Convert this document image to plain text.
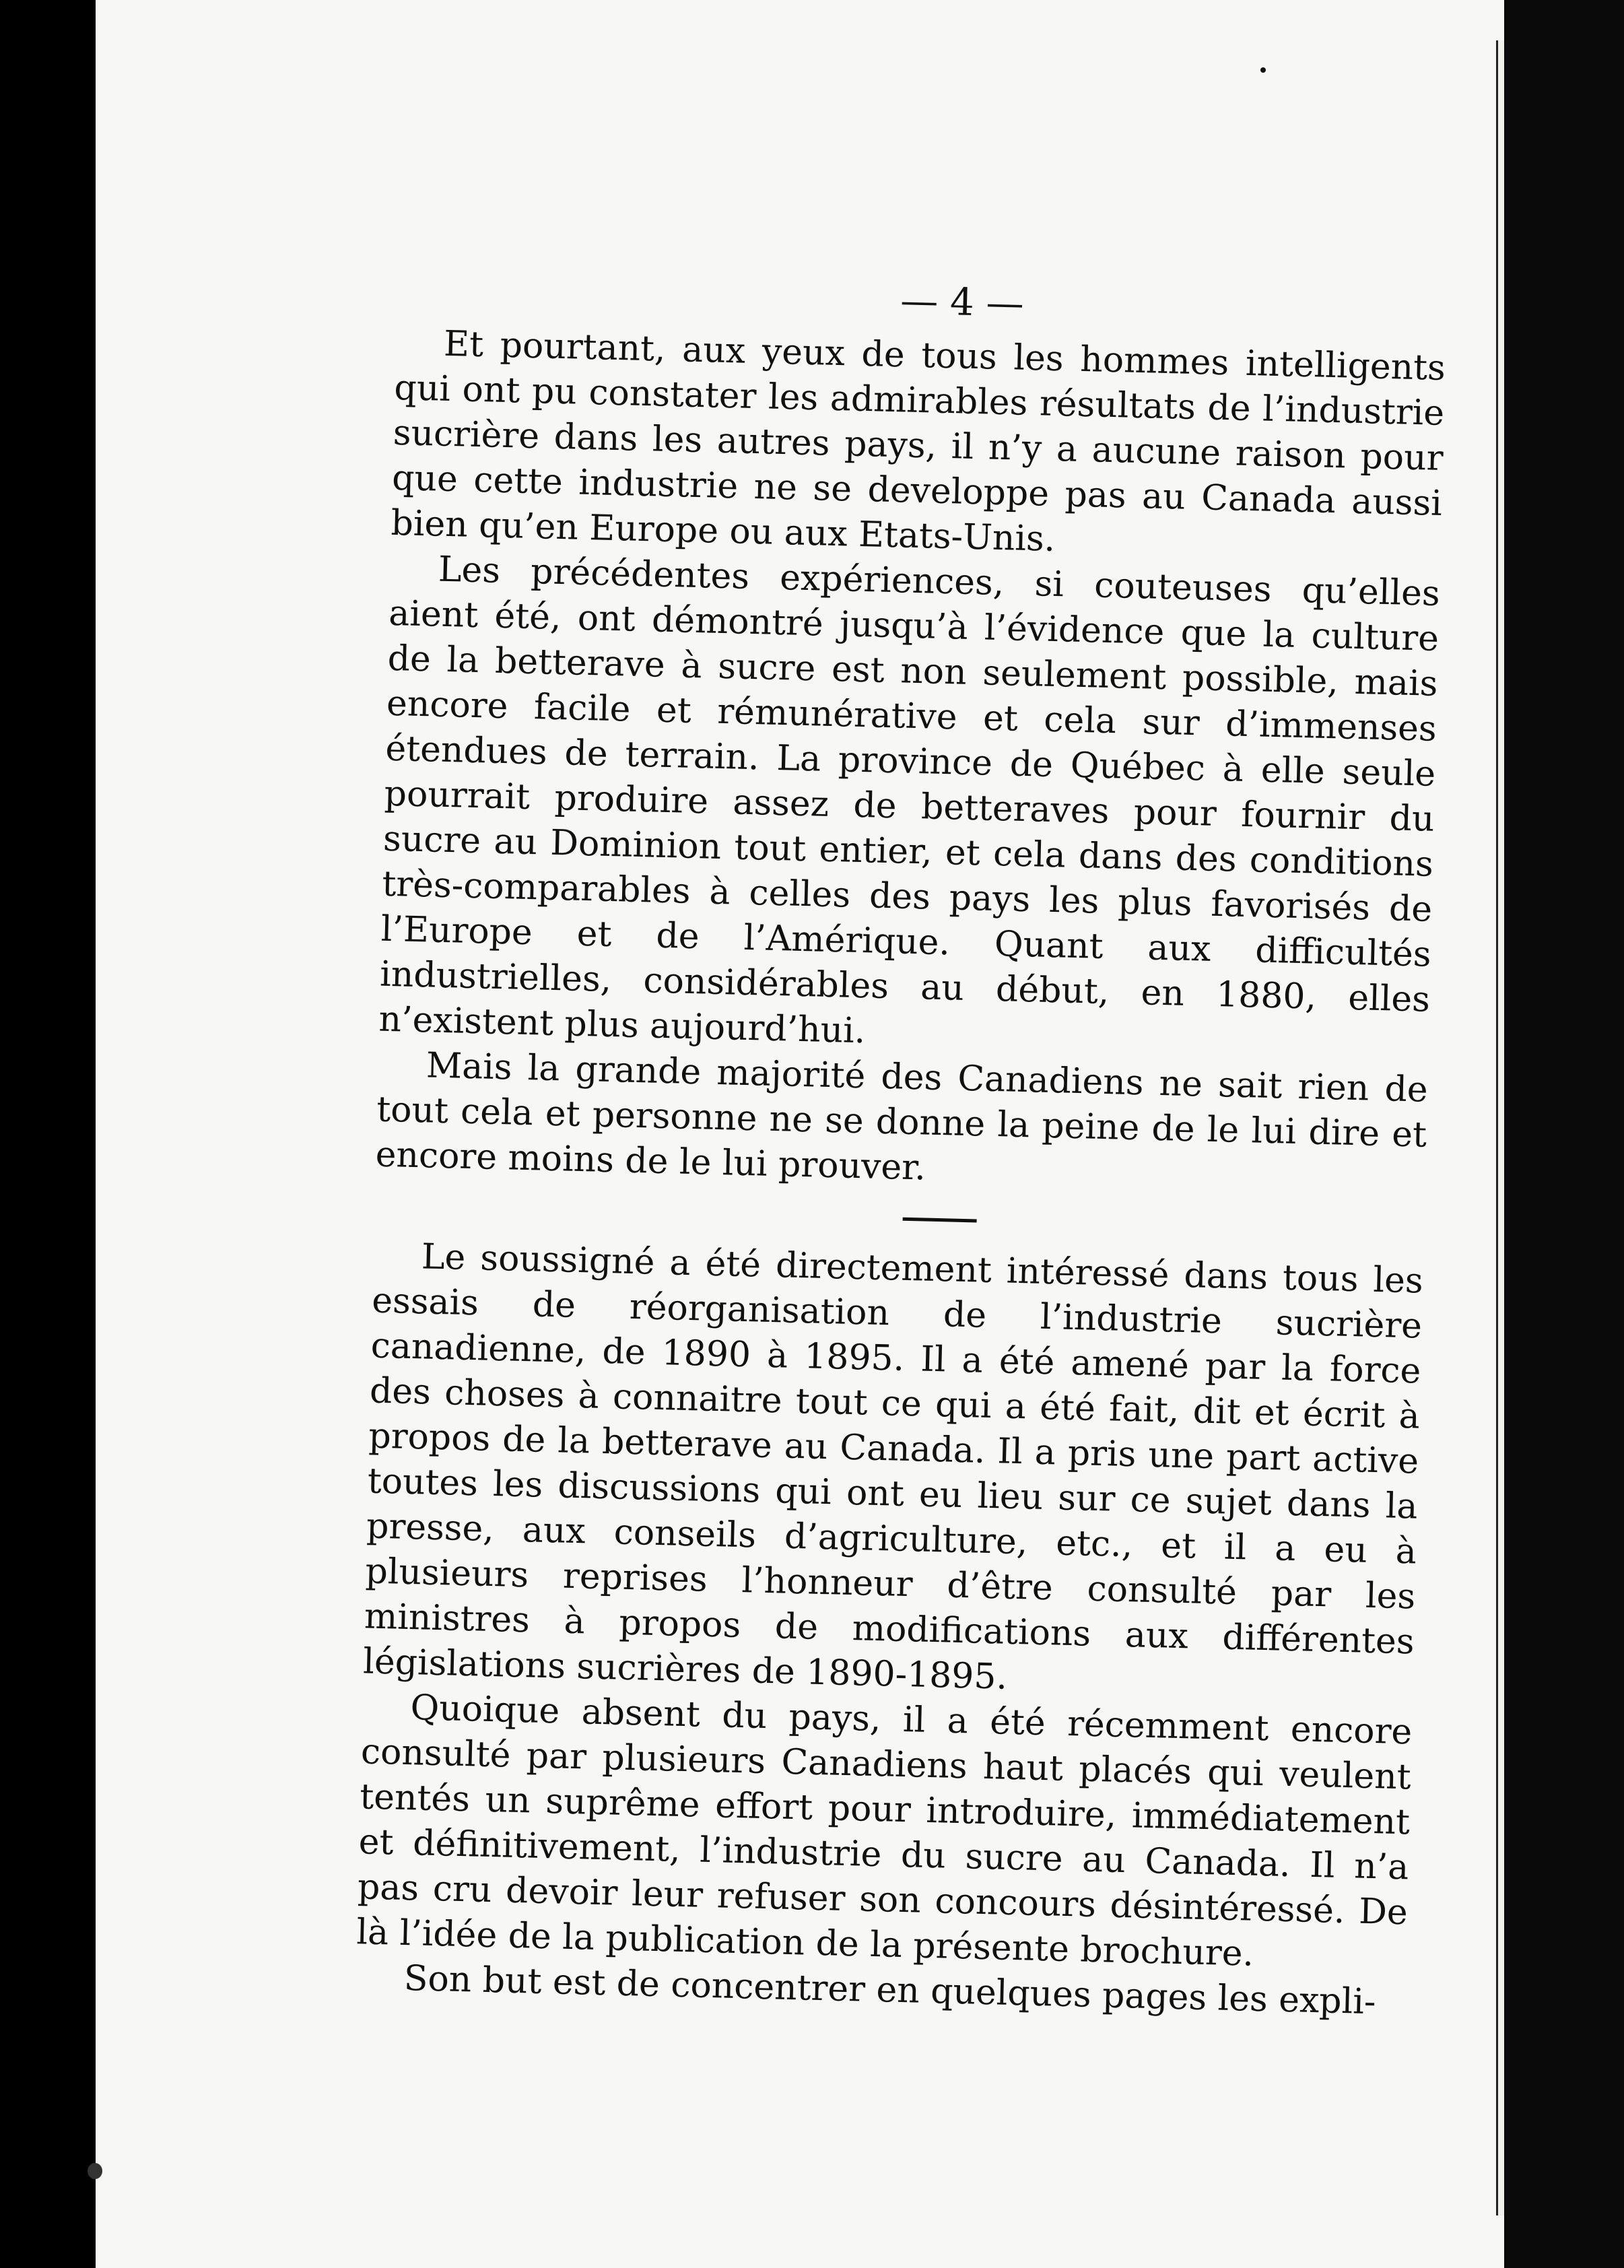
— 4 —

Et pourtant, aux yeux de tous les hommes intelligents qui ont pu constater les admirables résultats de l’industrie sucrière dans les autres pays, il n’y a aucune raison pour que cette industrie ne se developpe pas au Canada aussi bien qu’en Europe ou aux Etats-Unis.

Les précédentes expériences, si couteuses qu’elles aient été, ont démontré jusqu’à l’évidence que la culture de la betterave à sucre est non seulement possible, mais encore facile et rémunérative et cela sur d’immenses étendues de terrain. La province de Québec à elle seule pourrait produire assez de betteraves pour fournir du sucre au Dominion tout entier, et cela dans des conditions très-comparables à celles des pays les plus favorisés de l’Europe et de l’Amérique. Quant aux difficultés industrielles, considérables au début, en 1880, elles n’existent plus aujourd’hui.

Mais la grande majorité des Canadiens ne sait rien de tout cela et personne ne se donne la peine de le lui dire et encore moins de le lui prouver.

Le soussigné a été directement intéressé dans tous les essais de réorganisation de l’industrie sucrière canadienne, de 1890 à 1895. Il a été amené par la force des choses à connaitre tout ce qui a été fait, dit et écrit à propos de la betterave au Canada. Il a pris une part active toutes les discussions qui ont eu lieu sur ce sujet dans la presse, aux conseils d’agriculture, etc., et il a eu à plusieurs reprises l’honneur d’être consulté par les ministres à propos de modifications aux différentes législations sucrières de 1890-1895.

Quoique absent du pays, il a été récemment encore consulté par plusieurs Canadiens haut placés qui veulent tentés un suprême effort pour introduire, immédiatement et définitivement, l’industrie du sucre au Canada. Il n’a pas cru devoir leur refuser son concours désintéressé. De là l’idée de la publication de la présente brochure.

Son but est de concentrer en quelques pages les expli-
